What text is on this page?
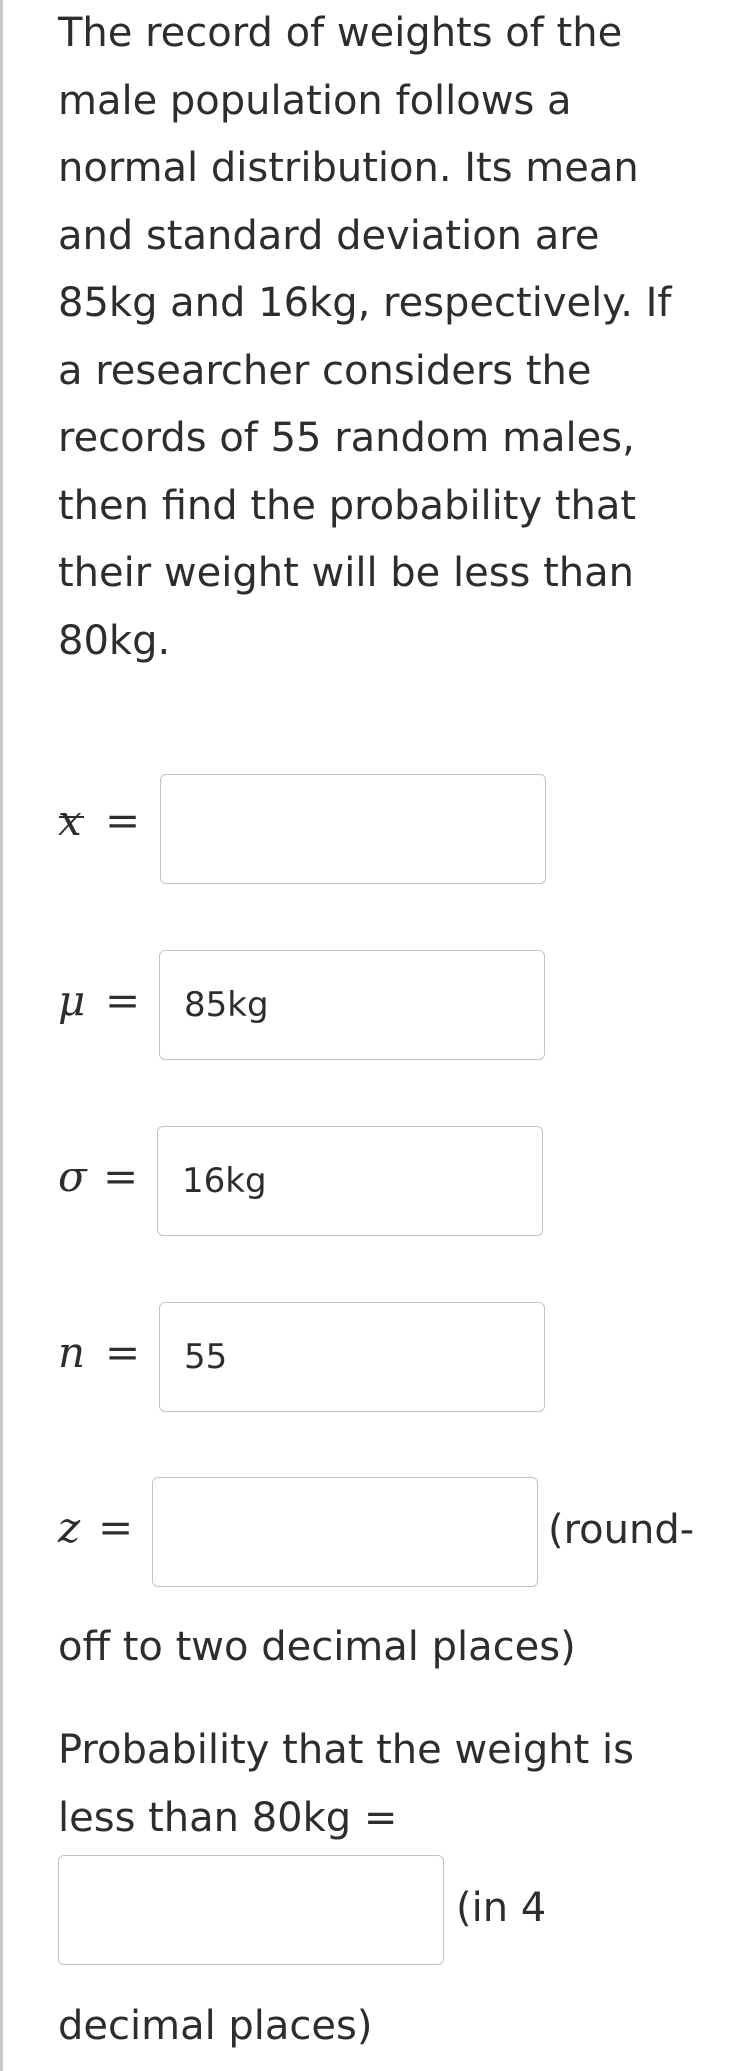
The record of weights of the male population follows a normal distribution. Its mean and standard deviation are 85kg and 16kg, respectively. If a researcher considers the records of 55 random males, then find the probability that their weight will be less than 80kg.

x =
μ =
85kg
σ =
16kg
n =
55
z =	(round-
off to two decimal places)

Probability that the weight is less than 80kg =

(in 4
decimal places)
